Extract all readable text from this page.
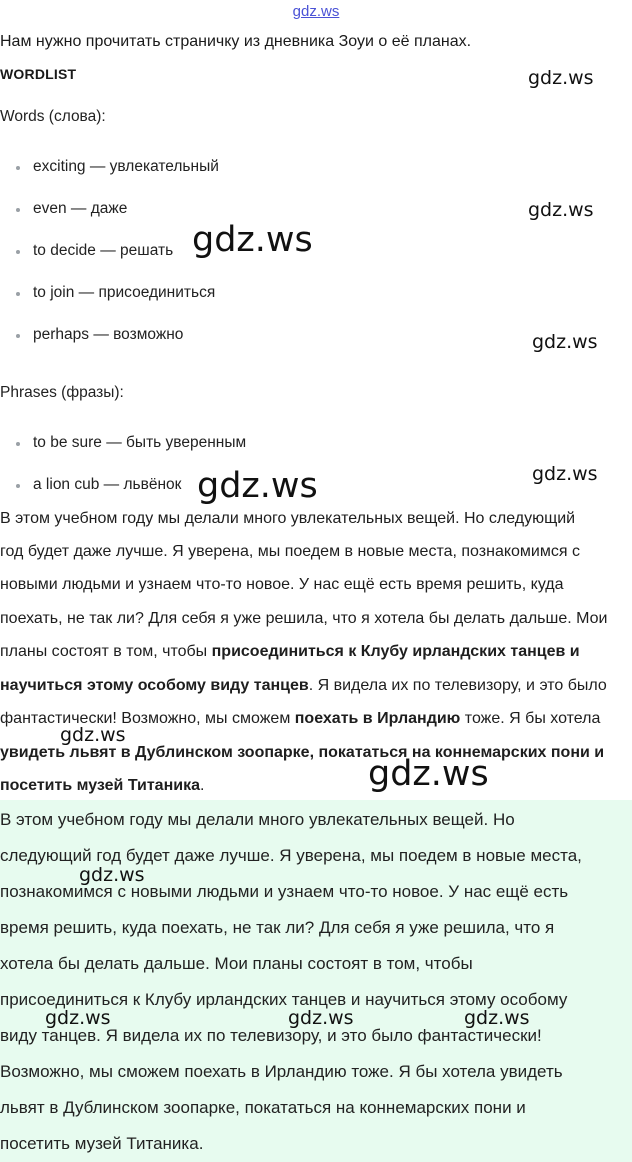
gdz.ws
Нам нужно прочитать страничку из дневника Зоуи о её планах.
WORDLIST
Words (слова):
exciting — увлекательный
even — даже
to decide — решать
to join — присоединиться
perhaps — возможно
Phrases (фразы):
to be sure — быть уверенным
a lion cub — львёнок
В этом учебном году мы делали много увлекательных вещей. Но следующий
год будет даже лучше. Я уверена, мы поедем в новые места, познакомимся с
новыми людьми и узнаем что-то новое. У нас ещё есть время решить, куда
поехать, не так ли? Для себя я уже решила, что я хотела бы делать дальше. Мои
планы состоят в том, чтобы присоединиться к Клубу ирландских танцев и
научиться этому особому виду танцев. Я видела их по телевизору, и это было
фантастически! Возможно, мы сможем поехать в Ирландию тоже. Я бы хотела
увидеть львят в Дублинском зоопарке, покататься на коннемарских пони и
посетить музей Титаника.
В этом учебном году мы делали много увлекательных вещей. Но
следующий год будет даже лучше. Я уверена, мы поедем в новые места,
познакомимся с новыми людьми и узнаем что-то новое. У нас ещё есть
время решить, куда поехать, не так ли? Для себя я уже решила, что я
хотела бы делать дальше. Мои планы состоят в том, чтобы
присоединиться к Клубу ирландских танцев и научиться этому особому
виду танцев. Я видела их по телевизору, и это было фантастически!
Возможно, мы сможем поехать в Ирландию тоже. Я бы хотела увидеть
львят в Дублинском зоопарке, покататься на коннемарских пони и
посетить музей Титаника.
gdz.ws
gdz.ws
gdz.ws
gdz.ws
gdz.ws
gdz.ws
gdz.ws
gdz.ws
gdz.ws
gdz.ws	gdz.ws	gdz.ws
